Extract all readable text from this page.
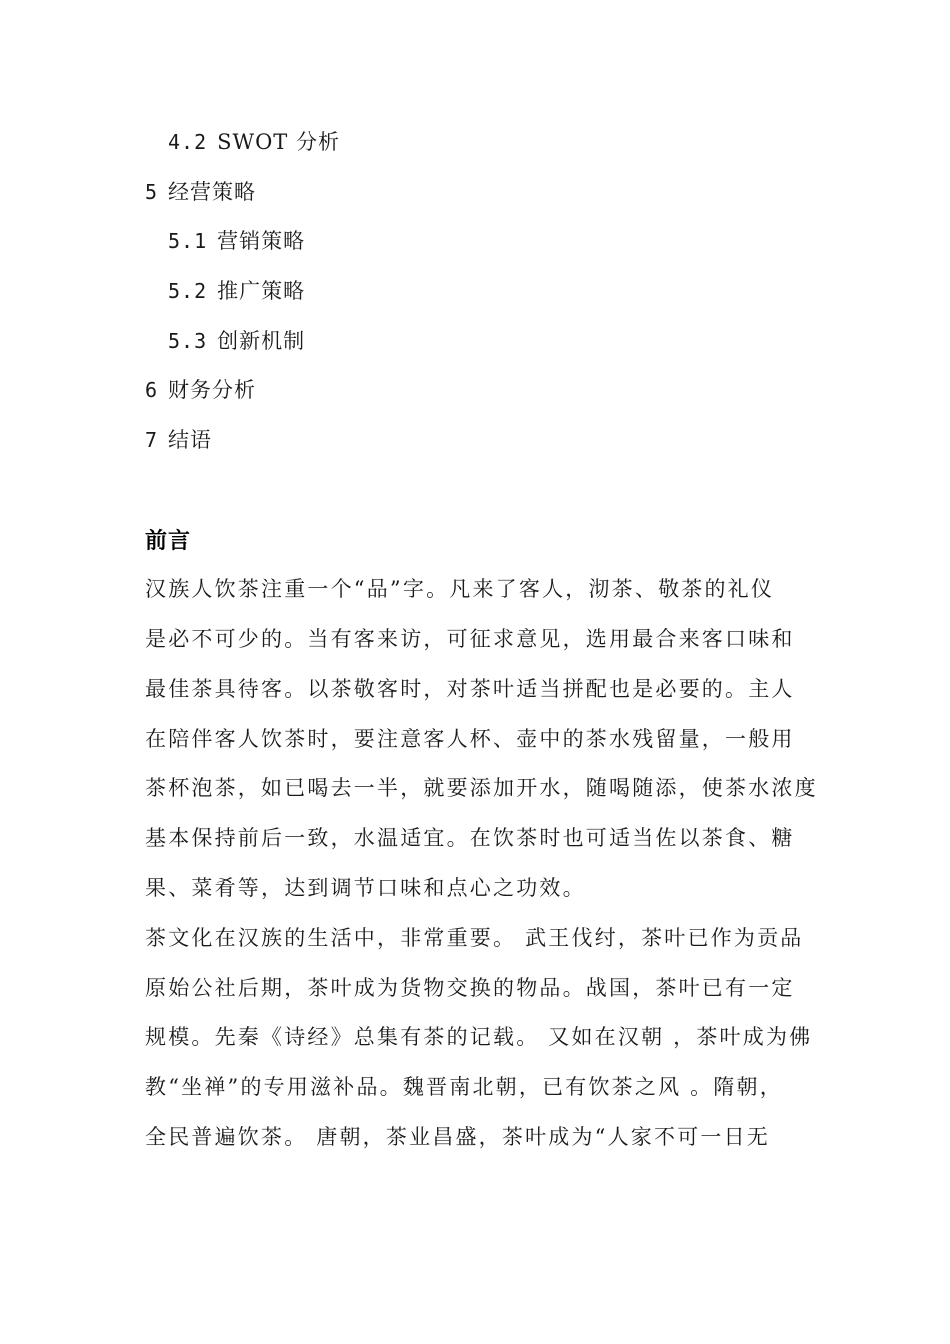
4.2 SWOT 分析
5 经营策略
5.1 营销策略
5.2 推广策略
5.3 创新机制
6 财务分析
7 结语
前言
汉族人饮茶注重一个“品”字。凡来了客人，沏茶、敬茶的礼仪
是必不可少的。当有客来访，可征求意见，选用最合来客口味和
最佳茶具待客。以茶敬客时，对茶叶适当拼配也是必要的。主人
在陪伴客人饮茶时，要注意客人杯、壶中的茶水残留量，一般用
茶杯泡茶，如已喝去一半，就要添加开水，随喝随添，使茶水浓度
基本保持前后一致，水温适宜。在饮茶时也可适当佐以茶食、糖
果、菜肴等，达到调节口味和点心之功效。
茶文化在汉族的生活中，非常重要。 武王伐纣，茶叶已作为贡品
原始公社后期，茶叶成为货物交换的物品。战国，茶叶已有一定
规模。先秦《诗经》总集有茶的记载。 又如在汉朝 ，茶叶成为佛
教“坐禅”的专用滋补品。魏晋南北朝，已有饮茶之风 。隋朝，
全民普遍饮茶。 唐朝，茶业昌盛，茶叶成为“人家不可一日无
